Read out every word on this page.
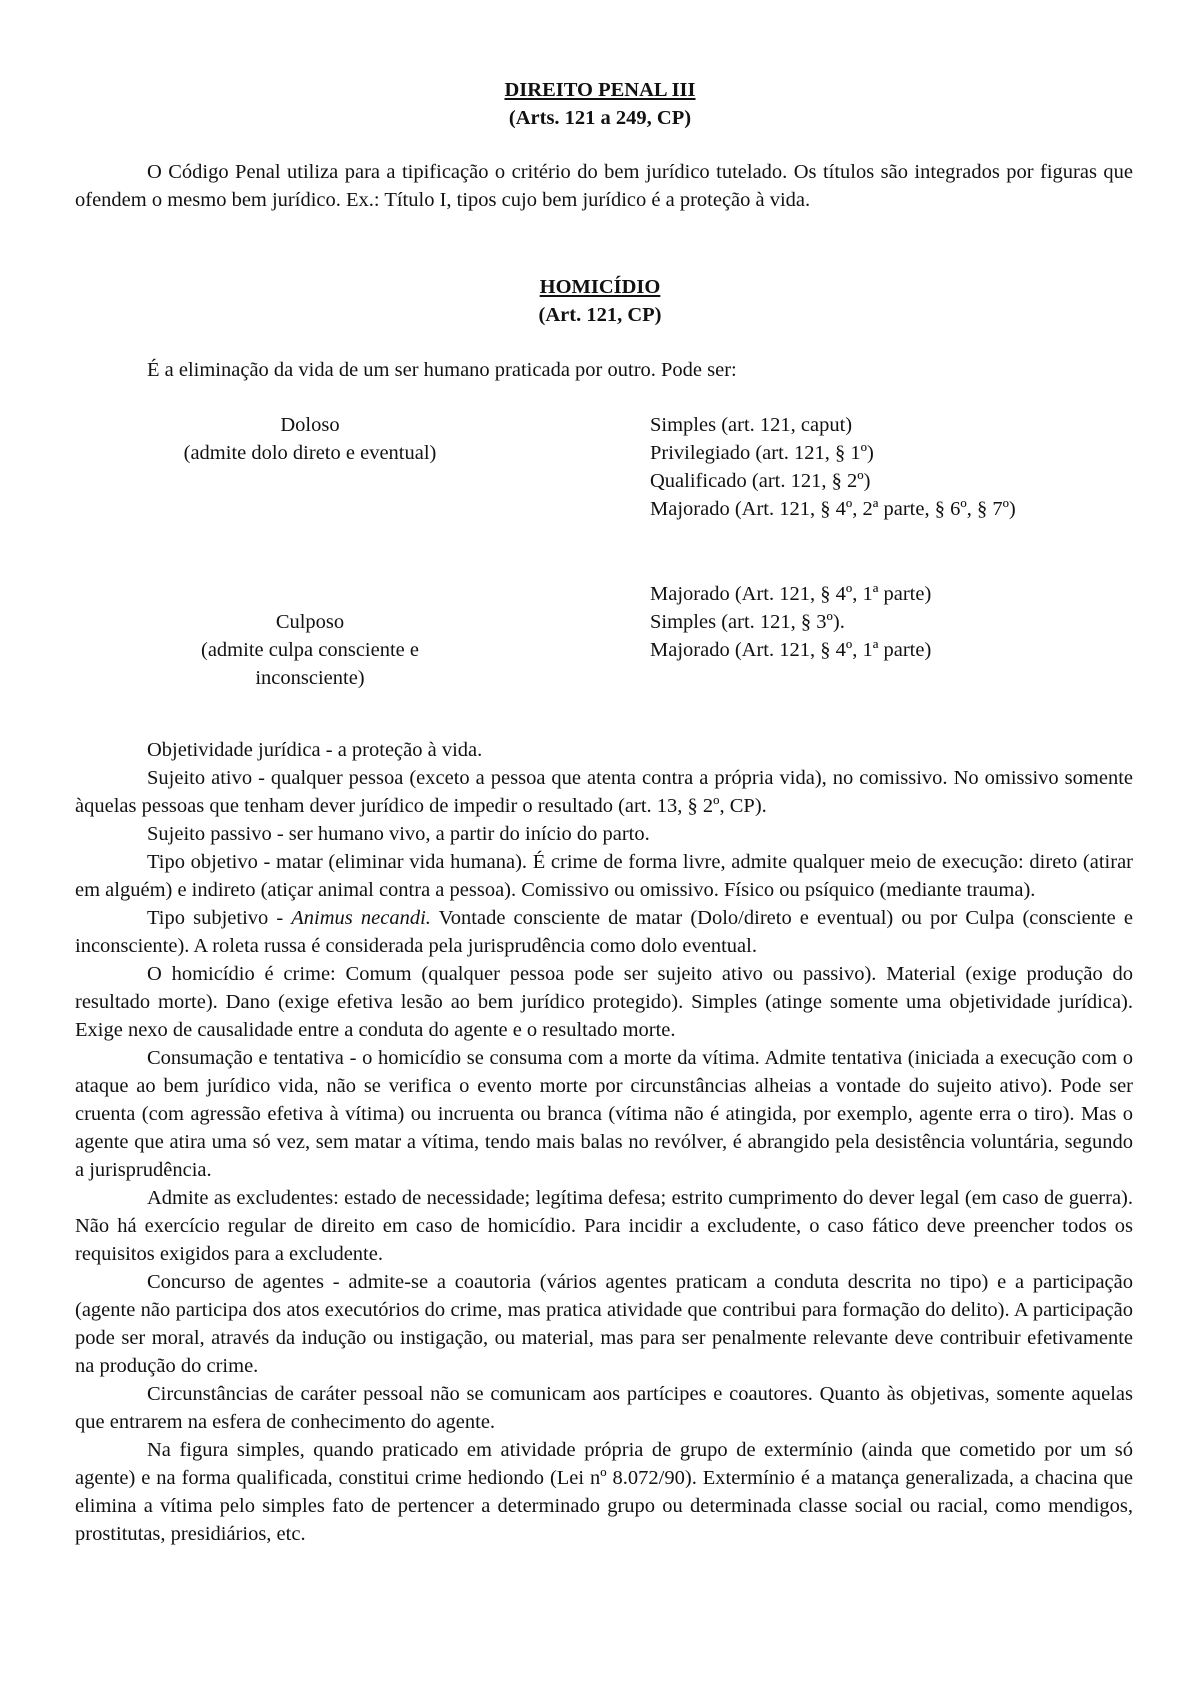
DIREITO PENAL III
(Arts. 121 a 249, CP)

O Código Penal utiliza para a tipificação o critério do bem jurídico tutelado. Os títulos são integrados por figuras que ofendem o mesmo bem jurídico. Ex.: Título I, tipos cujo bem jurídico é a proteção à vida.

HOMICÍDIO
(Art. 121, CP)
É a eliminação da vida de um ser humano praticada por outro. Pode ser:
Doloso
(admite dolo direto e eventual)
Simples (art. 121, caput)
Privilegiado (art. 121, § 1º)
Qualificado (art. 121, § 2º)
Majorado (Art. 121, § 4º, 2ª parte, § 6º, § 7º)
Culposo
(admite culpa consciente e inconsciente)
Majorado (Art. 121, § 4º, 1ª parte)
Simples (art. 121, § 3º).
Majorado (Art. 121, § 4º, 1ª parte)

Objetividade jurídica - a proteção à vida.

Sujeito ativo - qualquer pessoa (exceto a pessoa que atenta contra a própria vida), no comissivo. No omissivo somente àquelas pessoas que tenham dever jurídico de impedir o resultado (art. 13, § 2º, CP).

Sujeito passivo - ser humano vivo, a partir do início do parto.

Tipo objetivo - matar (eliminar vida humana). É crime de forma livre, admite qualquer meio de execução: direto (atirar em alguém) e indireto (atiçar animal contra a pessoa). Comissivo ou omissivo. Físico ou psíquico (mediante trauma).

Tipo subjetivo - Animus necandi. Vontade consciente de matar (Dolo/direto e eventual) ou por Culpa (consciente e inconsciente). A roleta russa é considerada pela jurisprudência como dolo eventual.

O homicídio é crime: Comum (qualquer pessoa pode ser sujeito ativo ou passivo). Material (exige produção do resultado morte). Dano (exige efetiva lesão ao bem jurídico protegido). Simples (atinge somente uma objetividade jurídica). Exige nexo de causalidade entre a conduta do agente e o resultado morte.

Consumação e tentativa - o homicídio se consuma com a morte da vítima. Admite tentativa (iniciada a execução com o ataque ao bem jurídico vida, não se verifica o evento morte por circunstâncias alheias a vontade do sujeito ativo). Pode ser cruenta (com agressão efetiva à vítima) ou incruenta ou branca (vítima não é atingida, por exemplo, agente erra o tiro). Mas o agente que atira uma só vez, sem matar a vítima, tendo mais balas no revólver, é abrangido pela desistência voluntária, segundo a jurisprudência.

Admite as excludentes: estado de necessidade; legítima defesa; estrito cumprimento do dever legal (em caso de guerra). Não há exercício regular de direito em caso de homicídio. Para incidir a excludente, o caso fático deve preencher todos os requisitos exigidos para a excludente.

Concurso de agentes - admite-se a coautoria (vários agentes praticam a conduta descrita no tipo) e a participação (agente não participa dos atos executórios do crime, mas pratica atividade que contribui para formação do delito). A participação pode ser moral, através da indução ou instigação, ou material, mas para ser penalmente relevante deve contribuir efetivamente na produção do crime.

Circunstâncias de caráter pessoal não se comunicam aos partícipes e coautores. Quanto às objetivas, somente aquelas que entrarem na esfera de conhecimento do agente.

Na figura simples, quando praticado em atividade própria de grupo de extermínio (ainda que cometido por um só agente) e na forma qualificada, constitui crime hediondo (Lei nº 8.072/90). Extermínio é a matança generalizada, a chacina que elimina a vítima pelo simples fato de pertencer a determinado grupo ou determinada classe social ou racial, como mendigos, prostitutas, presidiários, etc.
